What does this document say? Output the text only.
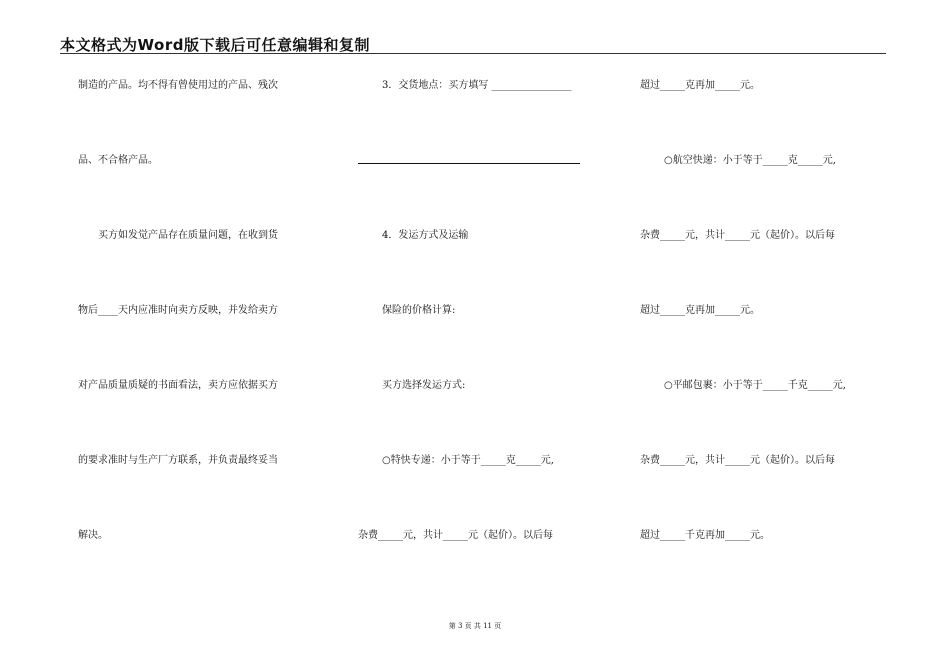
本文格式为Word版下载后可任意编辑和复制
制造的产品。均不得有曾使用过的产品、残次
品、不合格产品。
　　买方如发觉产品存在质量问题，在收到货
物后____天内应准时向卖方反映，并发给卖方
对产品质量质疑的书面看法，卖方应依据买方
的要求准时与生产厂方联系，并负责最终妥当
解决。
3．交货地点：买方填写 ________________
4．发运方式及运输
保险的价格计算:
买方选择发运方式:
○特快专递：小于等于_____克_____元,
杂费_____元，共计_____元（起价）。以后每
超过_____克再加_____元。
○航空快递：小于等于_____克_____元,
杂费_____元，共计_____元（起价）。以后每
超过_____克再加_____元。
○平邮包裹：小于等于_____千克_____元,
杂费_____元，共计_____元（起价）。以后每
超过_____千克再加_____元。
第 3 页 共 11 页
